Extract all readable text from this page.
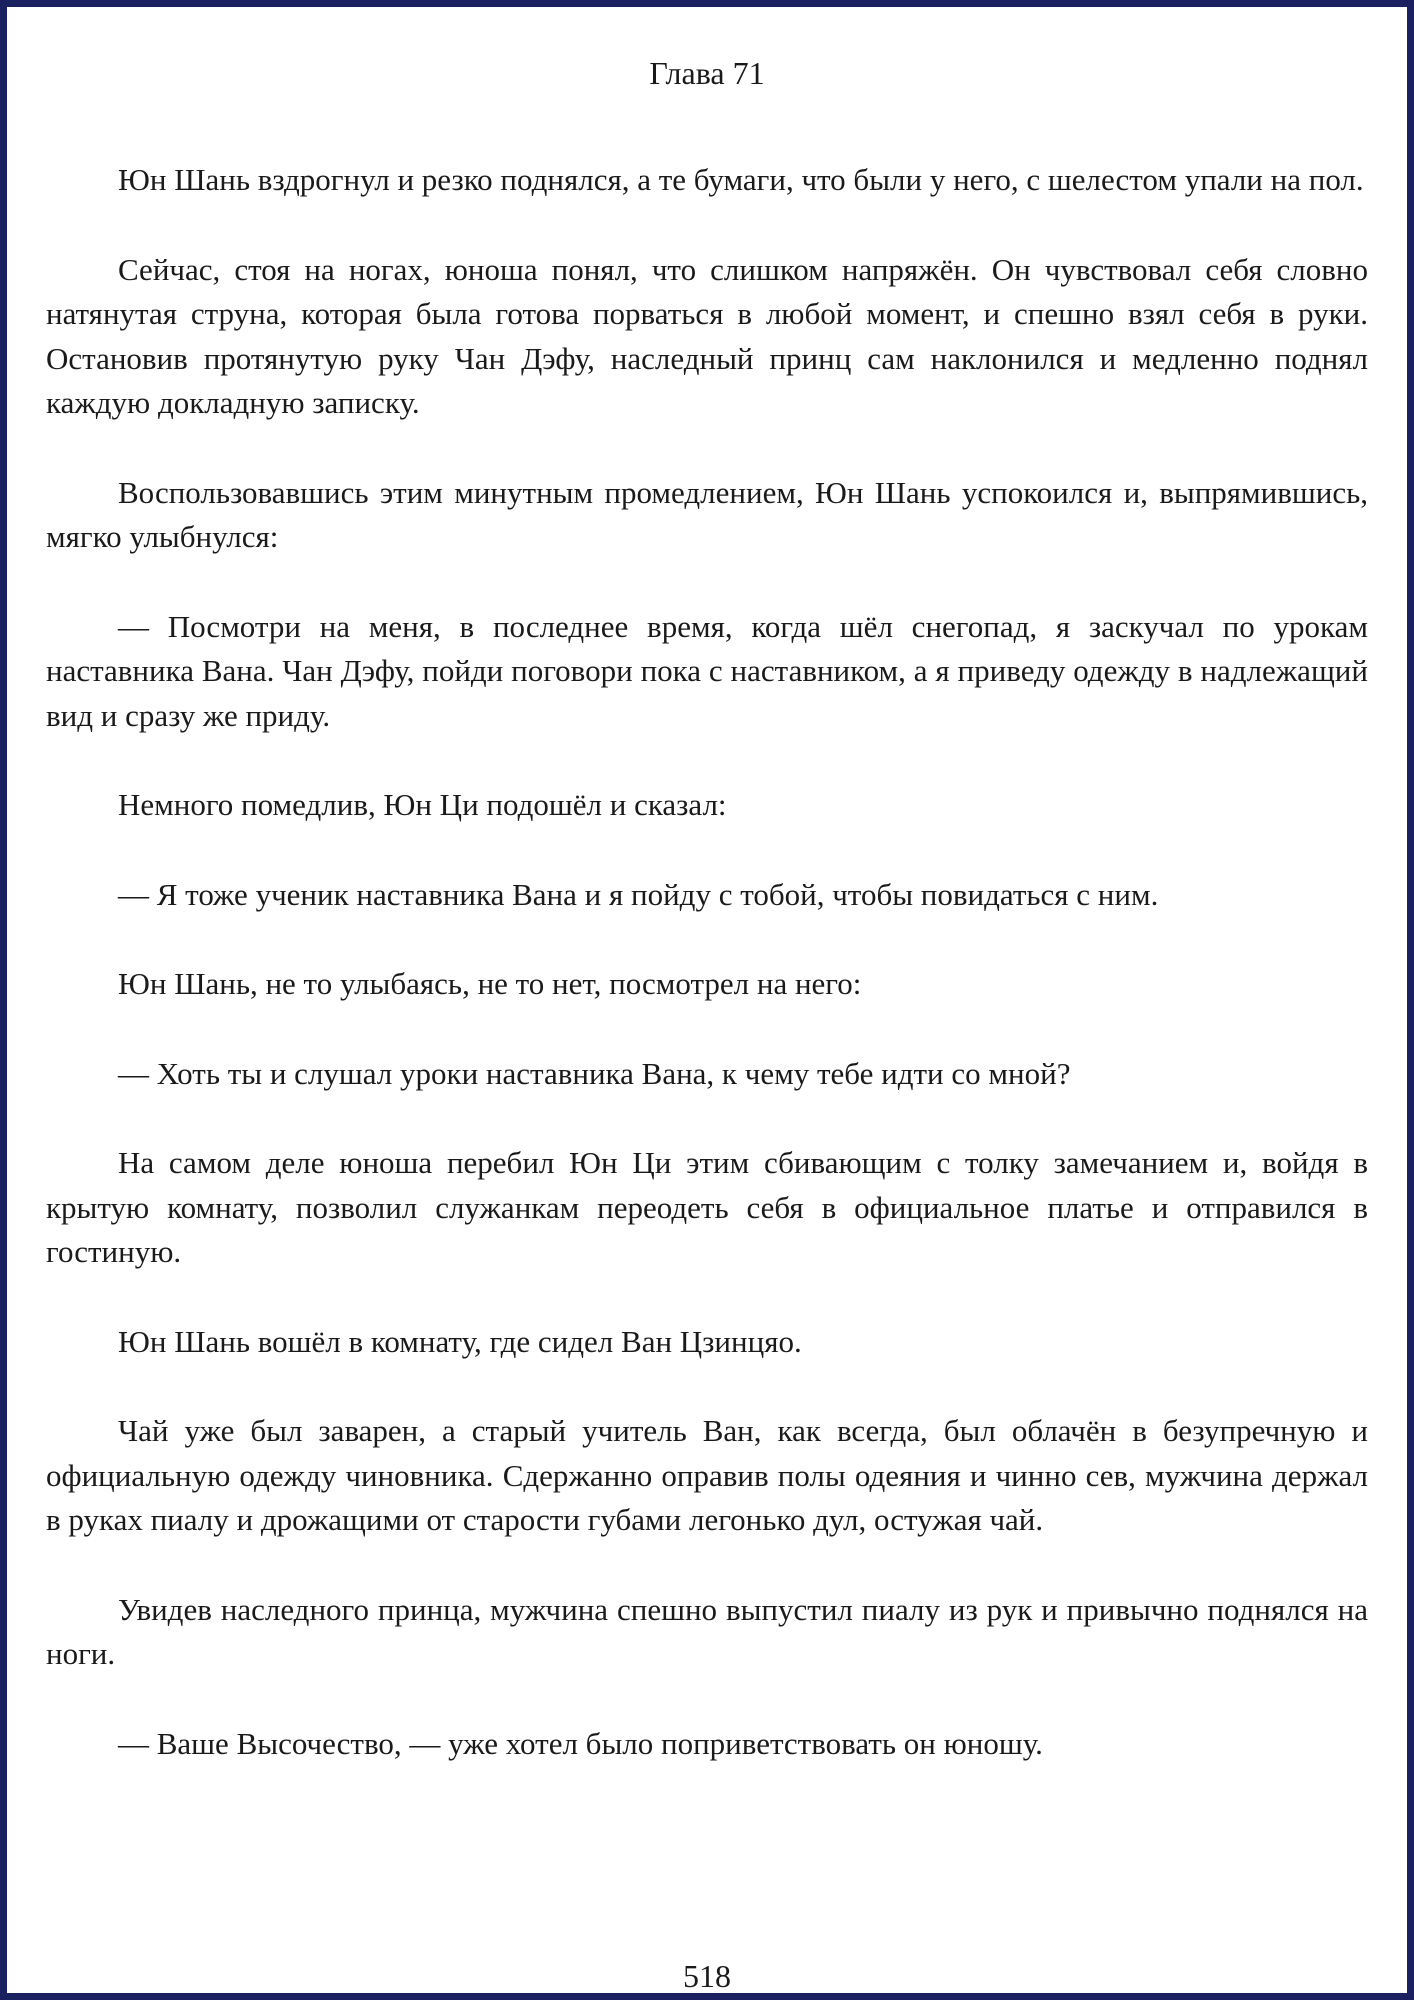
Глава 71

Юн Шань вздрогнул и резко поднялся, а те бумаги, что были у него, с шелестом упали на пол.

Сейчас, стоя на ногах, юноша понял, что слишком напряжён. Он чувствовал себя словно натянутая струна, которая была готова порваться в любой момент, и спешно взял себя в руки. Остановив протянутую руку Чан Дэфу, наследный принц сам наклонился и медленно поднял каждую докладную записку.

Воспользовавшись этим минутным промедлением, Юн Шань успокоился и, выпрямившись, мягко улыбнулся:

— Посмотри на меня, в последнее время, когда шёл снегопад, я заскучал по урокам наставника Вана. Чан Дэфу, пойди поговори пока с наставником, а я приведу одежду в надлежащий вид и сразу же приду.

Немного помедлив, Юн Ци подошёл и сказал:

— Я тоже ученик наставника Вана и я пойду с тобой, чтобы повидаться с ним.

Юн Шань, не то улыбаясь, не то нет, посмотрел на него:

— Хоть ты и слушал уроки наставника Вана, к чему тебе идти со мной?

На самом деле юноша перебил Юн Ци этим сбивающим с толку замечанием и, войдя в крытую комнату, позволил служанкам переодеть себя в официальное платье и отправился в гостиную.

Юн Шань вошёл в комнату, где сидел Ван Цзинцяо.

Чай уже был заварен, а старый учитель Ван, как всегда, был облачён в безупречную и официальную одежду чиновника. Сдержанно оправив полы одеяния и чинно сев, мужчина держал в руках пиалу и дрожащими от старости губами легонько дул, остужая чай.

Увидев наследного принца, мужчина спешно выпустил пиалу из рук и привычно поднялся на ноги.

— Ваше Высочество, — уже хотел было поприветствовать он юношу.

518
